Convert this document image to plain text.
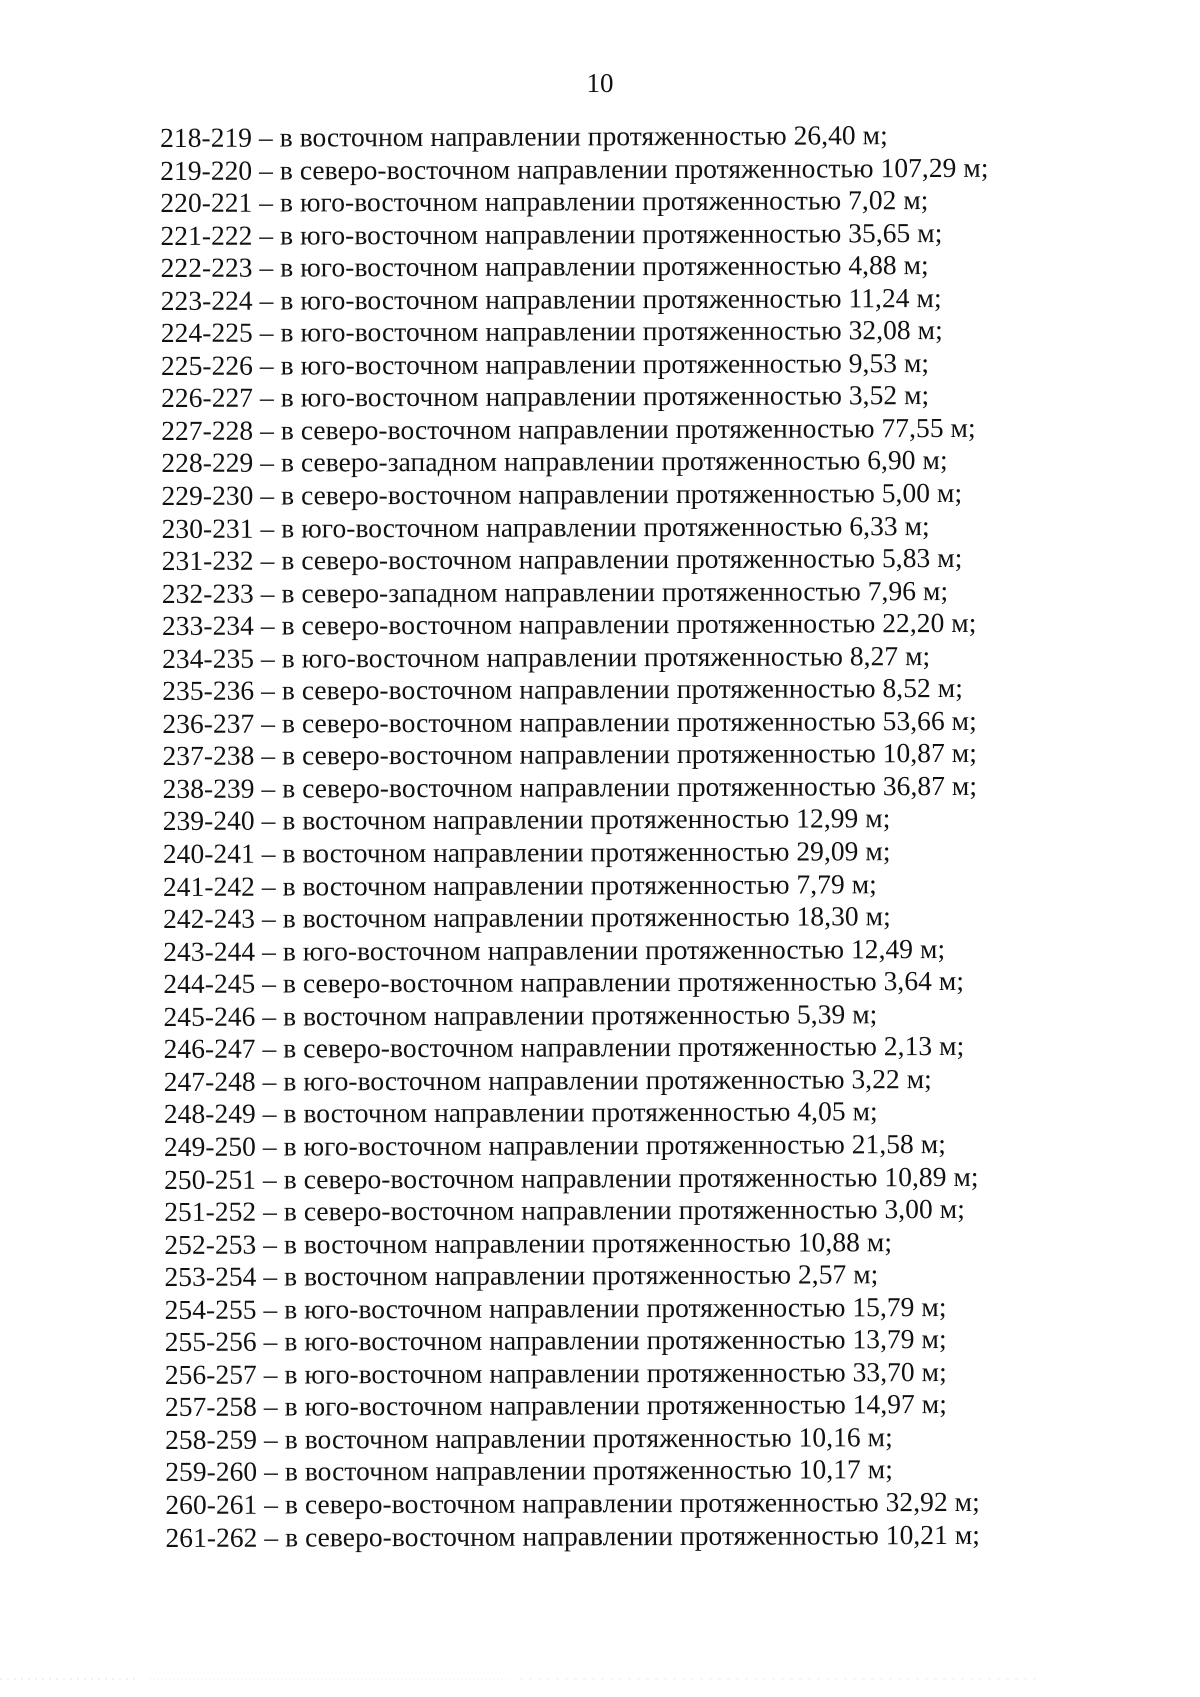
10
218-219 – в восточном направлении протяженностью 26,40 м;
219-220 – в северо-восточном направлении протяженностью 107,29 м;
220-221 – в юго-восточном направлении протяженностью 7,02 м;
221-222 – в юго-восточном направлении протяженностью 35,65 м;
222-223 – в юго-восточном направлении протяженностью 4,88 м;
223-224 – в юго-восточном направлении протяженностью 11,24 м;
224-225 – в юго-восточном направлении протяженностью 32,08 м;
225-226 – в юго-восточном направлении протяженностью 9,53 м;
226-227 – в юго-восточном направлении протяженностью 3,52 м;
227-228 – в северо-восточном направлении протяженностью 77,55 м;
228-229 – в северо-западном направлении протяженностью 6,90 м;
229-230 – в северо-восточном направлении протяженностью 5,00 м;
230-231 – в юго-восточном направлении протяженностью 6,33 м;
231-232 – в северо-восточном направлении протяженностью 5,83 м;
232-233 – в северо-западном направлении протяженностью 7,96 м;
233-234 – в северо-восточном направлении протяженностью 22,20 м;
234-235 – в юго-восточном направлении протяженностью 8,27 м;
235-236 – в северо-восточном направлении протяженностью 8,52 м;
236-237 – в северо-восточном направлении протяженностью 53,66 м;
237-238 – в северо-восточном направлении протяженностью 10,87 м;
238-239 – в северо-восточном направлении протяженностью 36,87 м;
239-240 – в восточном направлении протяженностью 12,99 м;
240-241 – в восточном направлении протяженностью 29,09 м;
241-242 – в восточном направлении протяженностью 7,79 м;
242-243 – в восточном направлении протяженностью 18,30 м;
243-244 – в юго-восточном направлении протяженностью 12,49 м;
244-245 – в северо-восточном направлении протяженностью 3,64 м;
245-246 – в восточном направлении протяженностью 5,39 м;
246-247 – в северо-восточном направлении протяженностью 2,13 м;
247-248 – в юго-восточном направлении протяженностью 3,22 м;
248-249 – в восточном направлении протяженностью 4,05 м;
249-250 – в юго-восточном направлении протяженностью 21,58 м;
250-251 – в северо-восточном направлении протяженностью 10,89 м;
251-252 – в северо-восточном направлении протяженностью 3,00 м;
252-253 – в восточном направлении протяженностью 10,88 м;
253-254 – в восточном направлении протяженностью 2,57 м;
254-255 – в юго-восточном направлении протяженностью 15,79 м;
255-256 – в юго-восточном направлении протяженностью 13,79 м;
256-257 – в юго-восточном направлении протяженностью 33,70 м;
257-258 – в юго-восточном направлении протяженностью 14,97 м;
258-259 – в восточном направлении протяженностью 10,16 м;
259-260 – в восточном направлении протяженностью 10,17 м;
260-261 – в северо-восточном направлении протяженностью 32,92 м;
261-262 – в северо-восточном направлении протяженностью 10,21 м;
